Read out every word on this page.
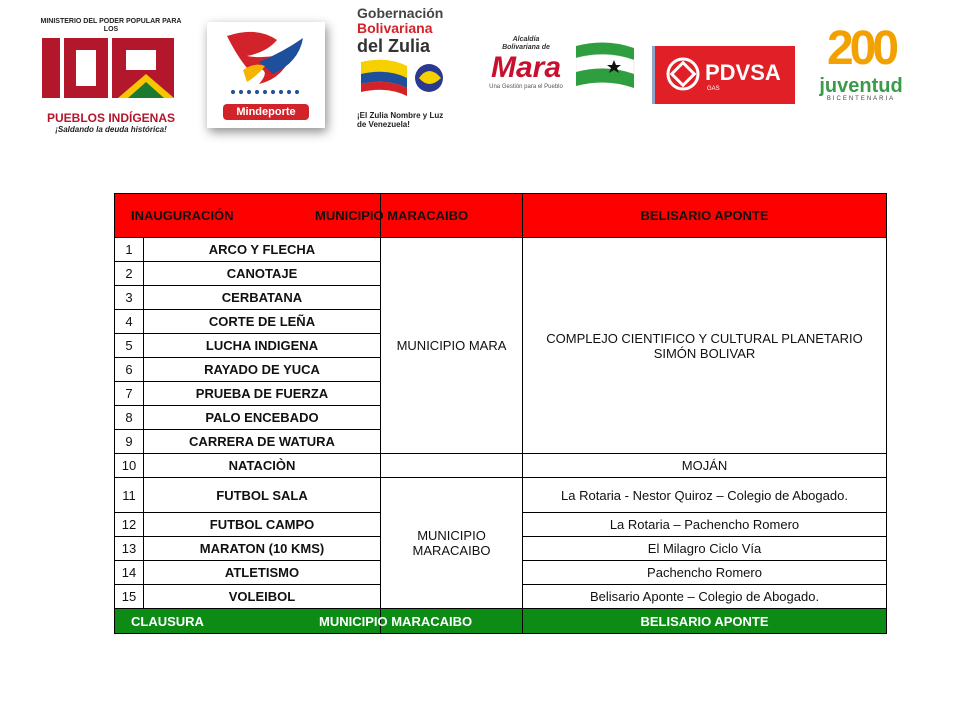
MINISTERIO DEL PODER POPULAR PARA LOS
PUEBLOS INDÍGENAS
¡Saldando la deuda histórica!
Mindeporte
Gobernación
Bolivariana
del Zulia
¡El Zulia Nombre y Luz de Venezuela!
Alcaldía
Bolivariana de
Mara
Una Gestión para el Pueblo
PDVSA
GAS
200
juventud
BICENTENARIA
INAUGURACIÓN		MUNICIPIO MARACAIBO	BELISARIO APONTE
1	ARCO Y FLECHA	MUNICIPIO MARA	COMPLEJO CIENTIFICO Y CULTURAL PLANETARIO SIMÓN BOLIVAR
2	CANOTAJE		
3	CERBATANA		
4	CORTE DE LEÑA		
5	LUCHA INDIGENA		
6	RAYADO DE YUCA		
7	PRUEBA DE FUERZA		
8	PALO ENCEBADO		
9	CARRERA DE WATURA		
10	NATACIÒN		MOJÁN
11	FUTBOL SALA	MUNICIPIO MARACAIBO	La Rotaria - Nestor Quiroz – Colegio de Abogado.
12	FUTBOL CAMPO		La Rotaria – Pachencho Romero
13	MARATON (10 KMS)		El Milagro Ciclo Vía
14	ATLETISMO		Pachencho Romero
15	VOLEIBOL		Belisario Aponte – Colegio de Abogado.
CLAUSURA		MUNICIPIO MARACAIBO	BELISARIO APONTE
